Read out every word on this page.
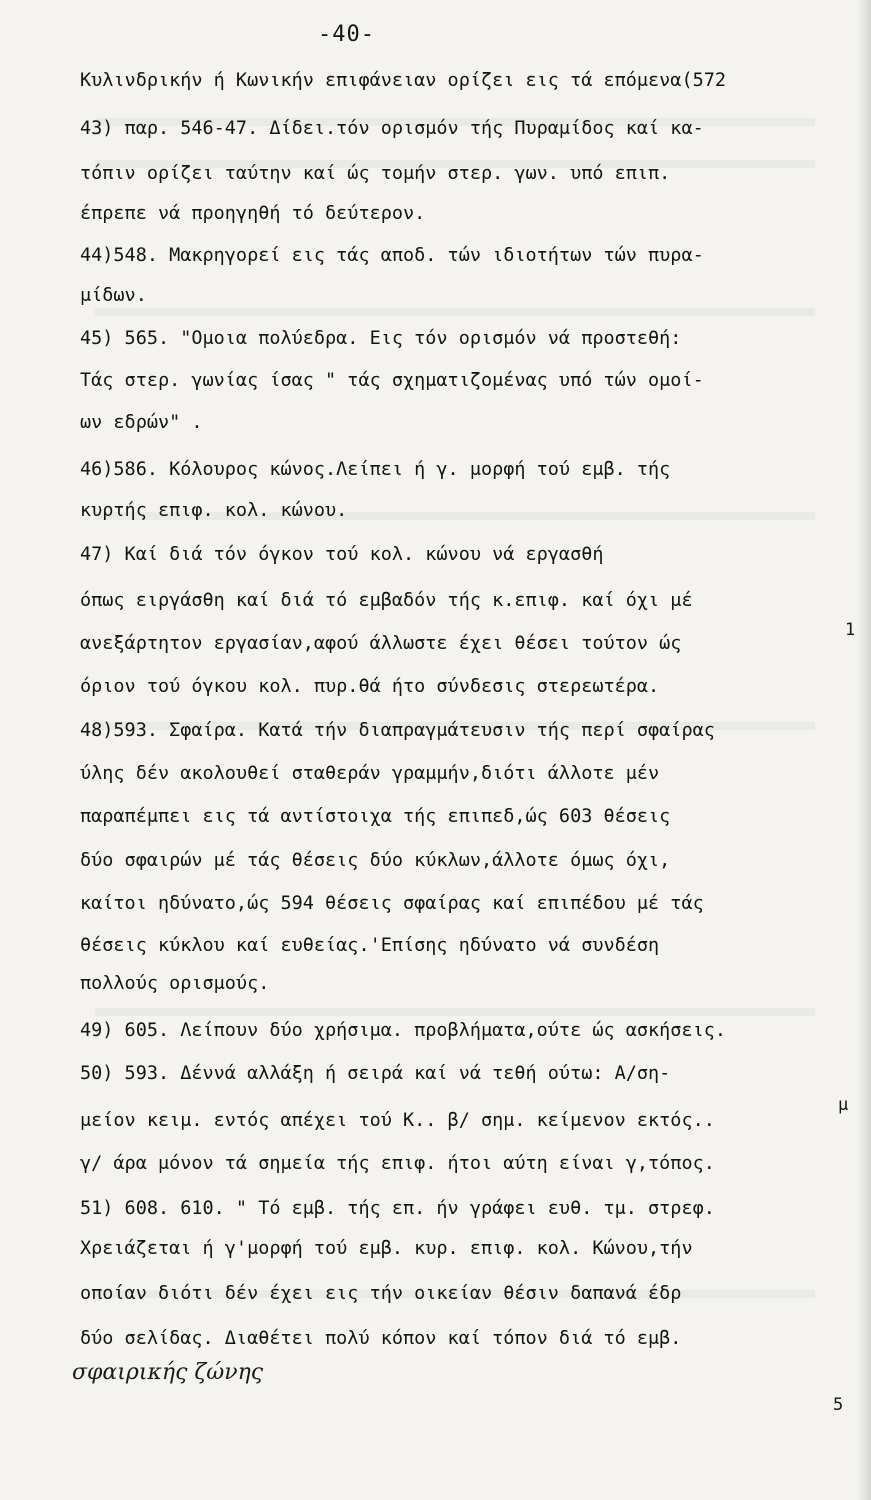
-40-
Κυλινδρικήν ή Κωνικήν επιφάνειαν ορίζει εις τά επόμενα(572
43) παρ. 546-47. Δίδει.τόν ορισμόν τής Πυραμίδος καί κα-
τόπιν ορίζει ταύτην καί ώς τομήν στερ. γων. υπό επιπ.
έπρεπε νά προηγηθή τό δεύτερον.
44)548. Μακρηγορεί εις τάς αποδ. τών ιδιοτήτων τών πυρα-
μίδων.
45) 565. "Ομοια πολύεδρα. Εις τόν ορισμόν νά προστεθή:
Τάς στερ. γωνίας ίσας " τάς σχηματιζομένας υπό τών ομοί-
ων εδρών" .
46)586. Κόλουρος κώνος.Λείπει ή γ. μορφή τού εμβ. τής
κυρτής επιφ. κολ. κώνου.
47) Καί διά τόν όγκον τού κολ. κώνου νά εργασθή
όπως ειργάσθη καί διά τό εμβαδόν τής κ.επιφ. καί όχι μέ
ανεξάρτητον εργασίαν,αφού άλλωστε έχει θέσει τούτον ώς
όριον τού όγκου κολ. πυρ.θά ήτο σύνδεσις στερεωτέρα.
48)593. Σφαίρα. Κατά τήν διαπραγμάτευσιν τής περί σφαίρας
ύλης δέν ακολουθεί σταθεράν γραμμήν,διότι άλλοτε μέν
παραπέμπει εις τά αντίστοιχα τής επιπεδ,ώς 603 θέσεις
δύο σφαιρών μέ τάς θέσεις δύο κύκλων,άλλοτε όμως όχι,
καίτοι ηδύνατο,ώς 594 θέσεις σφαίρας καί επιπέδου μέ τάς
θέσεις κύκλου καί ευθείας.'Επίσης ηδύνατο νά συνδέση
πολλούς ορισμούς.
49) 605. Λείπουν δύο χρήσιμα. προβλήματα,ούτε ώς ασκήσεις.
50) 593. Δέννά αλλάξη ή σειρά καί νά τεθή ούτω: Α/ση-
μείον κειμ. εντός απέχει τού Κ.. β/ σημ. κείμενον εκτός..
γ/ άρα μόνον τά σημεία τής επιφ. ήτοι αύτη είναι γ,τόπος.
51) 608. 610. " Τό εμβ. τής επ. ήν γράφει ευθ. τμ. στρεφ.
Χρειάζεται ή γ'μορφή τού εμβ. κυρ. επιφ. κολ. Κώνου,τήν
οποίαν διότι δέν έχει εις τήν οικείαν θέσιν δαπανά έδρ
δύο σελίδας. Διαθέτει πολύ κόπον καί τόπον διά τό εμβ.
σφαιρικής ζώνης
1
μ
5
